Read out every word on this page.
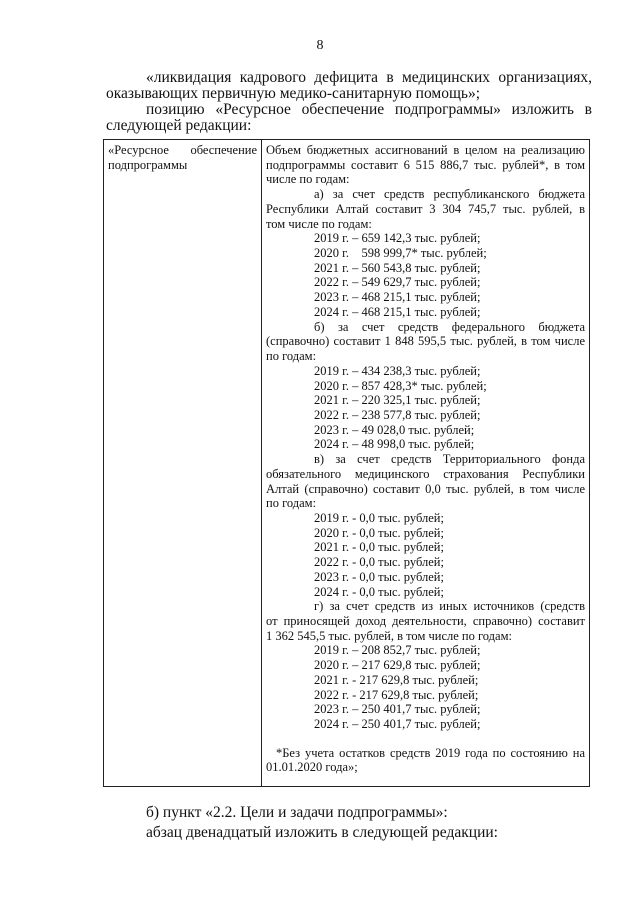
8
«ликвидация кадрового дефицита в медицинских организациях,
оказывающих первичную медико-санитарную помощь»;
позицию «Ресурсное обеспечение подпрограммы» изложить в
следующей редакции:
«Ресурсное обеспечение
подпрограммы
Объем бюджетных ассигнований в целом на реализацию
подпрограммы составит 6 515 886,7 тыс. рублей*, в том
числе по годам:
а) за счет средств республиканского бюджета
Республики Алтай составит 3 304 745,7 тыс. рублей, в
том числе по годам:
2019 г. – 659 142,3 тыс. рублей;
2020 г.    598 999,7* тыс. рублей;
2021 г. – 560 543,8 тыс. рублей;
2022 г. – 549 629,7 тыс. рублей;
2023 г. – 468 215,1 тыс. рублей;
2024 г. – 468 215,1 тыс. рублей;
б) за счет средств федерального бюджета
(справочно) составит 1 848 595,5 тыс. рублей, в том числе
по годам:
2019 г. – 434 238,3 тыс. рублей;
2020 г. – 857 428,3* тыс. рублей;
2021 г. – 220 325,1 тыс. рублей;
2022 г. – 238 577,8 тыс. рублей;
2023 г. – 49 028,0 тыс. рублей;
2024 г. – 48 998,0 тыс. рублей;
в) за счет средств Территориального фонда
обязательного медицинского страхования Республики
Алтай (справочно) составит 0,0 тыс. рублей, в том числе
по годам:
2019 г. - 0,0 тыс. рублей;
2020 г. - 0,0 тыс. рублей;
2021 г. - 0,0 тыс. рублей;
2022 г. - 0,0 тыс. рублей;
2023 г. - 0,0 тыс. рублей;
2024 г. - 0,0 тыс. рублей;
г) за счет средств из иных источников (средств
от приносящей доход деятельности, справочно) составит
1 362 545,5 тыс. рублей, в том числе по годам:
2019 г. – 208 852,7 тыс. рублей;
2020 г. – 217 629,8 тыс. рублей;
2021 г. - 217 629,8 тыс. рублей;
2022 г. - 217 629,8 тыс. рублей;
2023 г. – 250 401,7 тыс. рублей;
2024 г. – 250 401,7 тыс. рублей;
*Без учета остатков средств 2019 года по состоянию на
01.01.2020 года»;
б) пункт «2.2. Цели и задачи подпрограммы»:
абзац двенадцатый изложить в следующей редакции:
